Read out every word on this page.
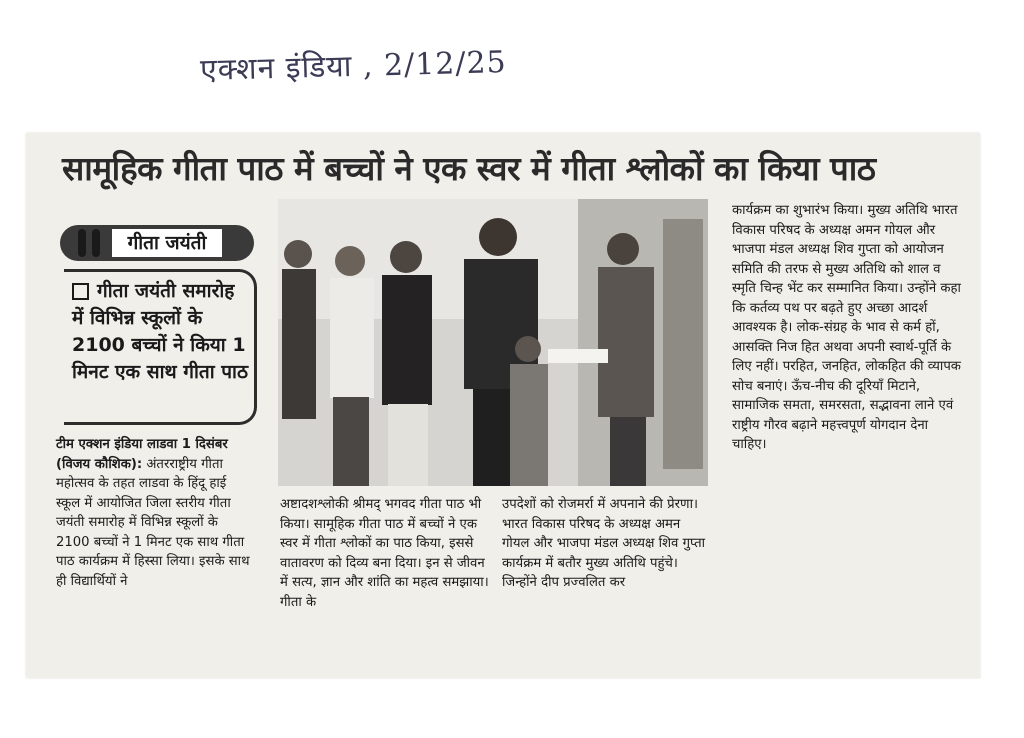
एक्शन इंडिया , 2/12/25
सामूहिक गीता पाठ में बच्चों ने एक स्वर में गीता श्लोकों का किया पाठ
गीता जयंती
गीता जयंती समारोह में विभिन्न स्कूलों के 2100 बच्चों ने किया 1 मिनट एक साथ गीता पाठ
टीम एक्शन इंडिया लाडवा 1 दिसंबर (विजय कौशिक): अंतरराष्ट्रीय गीता महोत्सव के तहत लाडवा के हिंदू हाई स्कूल में आयोजित जिला स्तरीय गीता जयंती समारोह में विभिन्न स्कूलों के 2100 बच्चों ने 1 मिनट एक साथ गीता पाठ कार्यक्रम में हिस्सा लिया। इसके साथ ही विद्यार्थियों ने
अष्टादशश्लोकी श्रीमद् भगवद गीता पाठ भी किया। सामूहिक गीता पाठ में बच्चों ने एक स्वर में गीता श्लोकों का पाठ किया, इससे वातावरण को दिव्य बना दिया। इन से जीवन में सत्य, ज्ञान और शांति का महत्व समझाया। गीता के
उपदेशों को रोजमर्रा में अपनाने की प्रेरणा। भारत विकास परिषद के अध्यक्ष अमन गोयल और भाजपा मंडल अध्यक्ष शिव गुप्ता कार्यक्रम में बतौर मुख्य अतिथि पहुंचे। जिन्होंने दीप प्रज्वलित कर
कार्यक्रम का शुभारंभ किया। मुख्य अतिथि भारत विकास परिषद के अध्यक्ष अमन गोयल और भाजपा मंडल अध्यक्ष शिव गुप्ता को आयोजन समिति की तरफ से मुख्य अतिथि को शाल व स्मृति चिन्ह भेंट कर सम्मानित किया। उन्होंने कहा कि कर्तव्य पथ पर बढ़ते हुए अच्छा आदर्श आवश्यक है। लोक-संग्रह के भाव से कर्म हों, आसक्ति निज हित अथवा अपनी स्वार्थ-पूर्ति के लिए नहीं। परहित, जनहित, लोकहित की व्यापक सोच बनाएं। ऊँच-नीच की दूरियाँ मिटाने, सामाजिक समता, समरसता, सद्भावना लाने एवं राष्ट्रीय गौरव बढ़ाने महत्त्वपूर्ण योगदान देना चाहिए।
